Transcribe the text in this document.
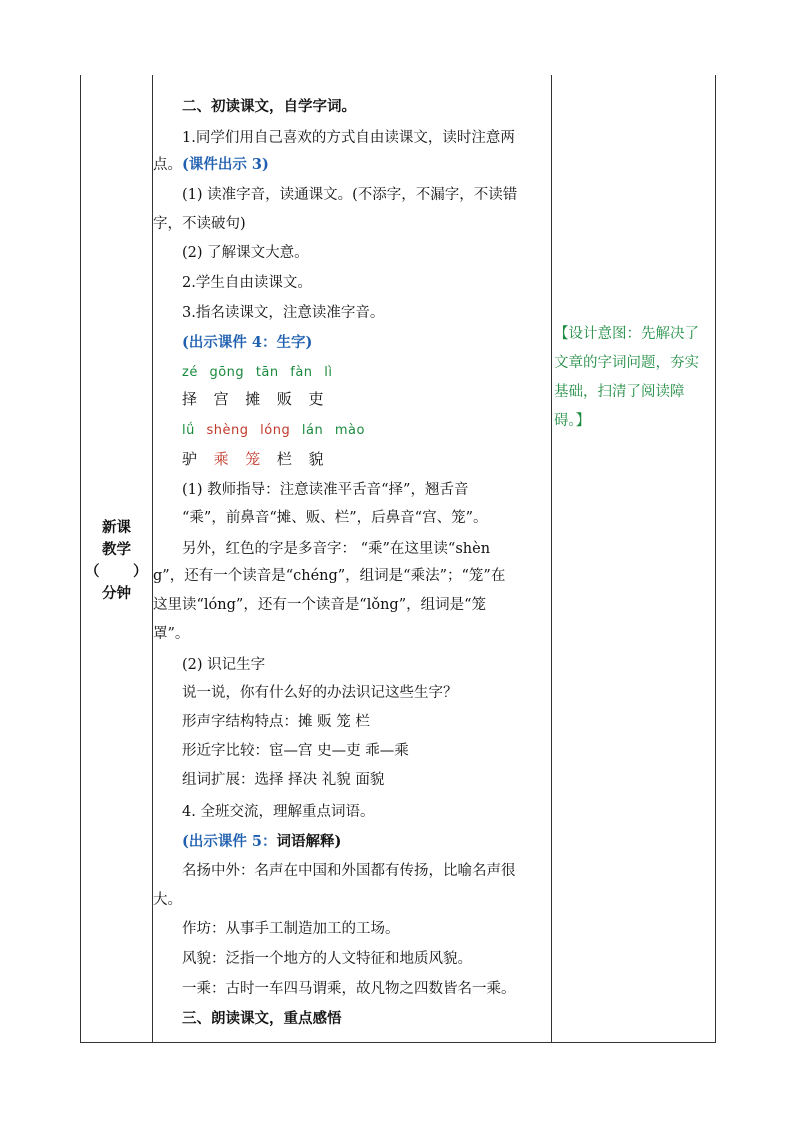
新课
教学
（ ）
分钟
二、初读课文，自学字词。
1.同学们用自己喜欢的方式自由读课文，读时注意两
点。(课件出示 3)
(1) 读准字音，读通课文。(不添字，不漏字，不读错
字，不读破句)
(2) 了解课文大意。
2.学生自由读课文。
3.指名读课文，注意读准字音。
(出示课件 4：生字)
zé gōng tān fàn lì
择 宫 摊 贩 吏
lǘ shèng lóng lán mào
驴 乘 笼 栏 貌
(1) 教师指导：注意读准平舌音“择”，翘舌音
“乘”，前鼻音“摊、贩、栏”，后鼻音“宫、笼”。
另外，红色的字是多音字： “乘”在这里读“shèn
g”，还有一个读音是“chéng”，组词是“乘法”；“笼”在
这里读“lóng”，还有一个读音是“lǒng”，组词是“笼
罩”。
(2) 识记生字
说一说，你有什么好的办法识记这些生字？
形声字结构特点：摊 贩 笼 栏
形近字比较：宦—宫 史—吏 乖—乘
组词扩展：选择 择决 礼貌 面貌
4. 全班交流，理解重点词语。
(出示课件 5：词语解释)
名扬中外：名声在中国和外国都有传扬，比喻名声很
大。
作坊：从事手工制造加工的工场。
风貌：泛指一个地方的人文特征和地质风貌。
一乘：古时一车四马谓乘，故凡物之四数皆名一乘。
三、朗读课文，重点感悟
【设计意图：先解决了文章的字词问题，夯实基础，扫清了阅读障碍。】
